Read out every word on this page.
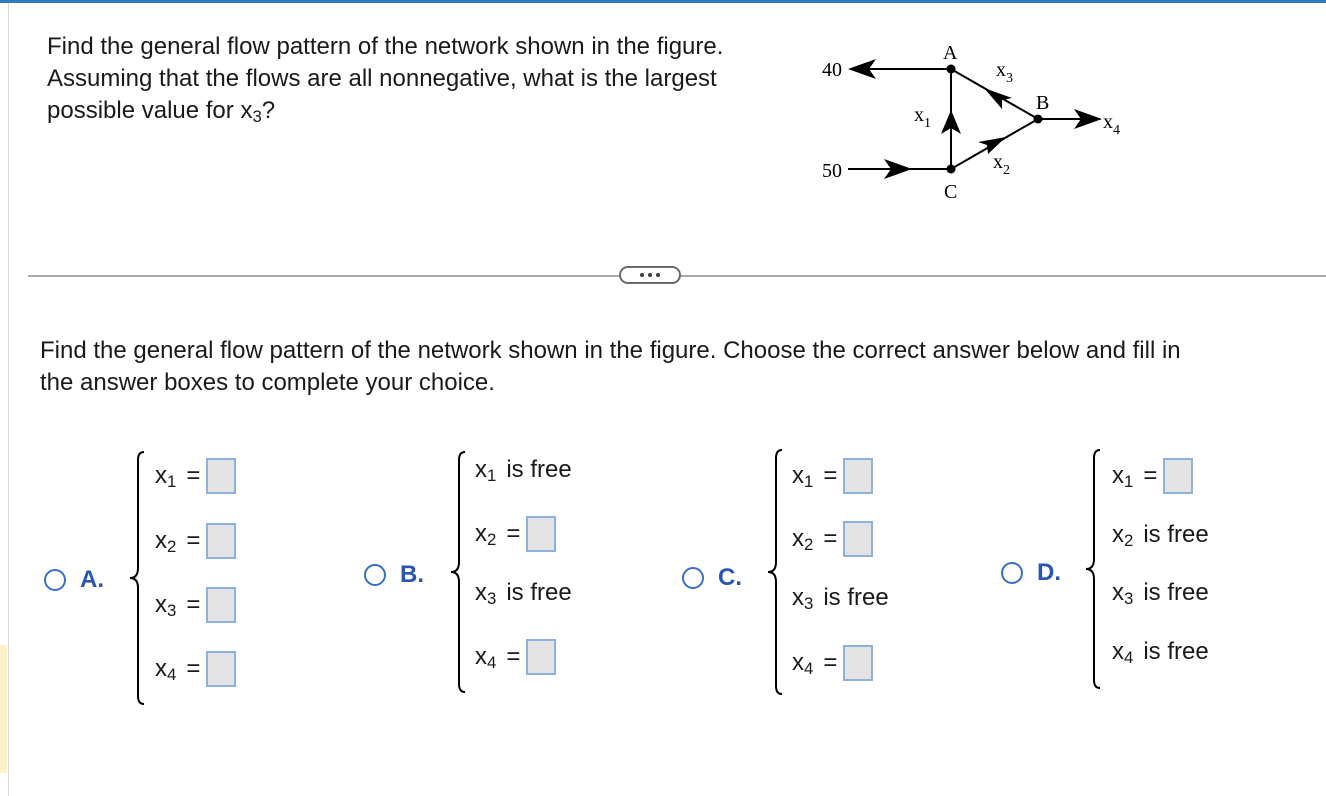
Find the general flow pattern of the network shown in the figure.
Assuming that the flows are all nonnegative, what is the largest
possible value for $x_3$?

A
B
C
40
50
$x_1$
$x_2$
$x_3$
$x_4$

Find the general flow pattern of the network shown in the figure. Choose the correct answer below and fill in
the answer boxes to complete your choice.

A.
$x_1$ =
$x_2$ =
$x_3$ =
$x_4$ =
B.
$x_1$ is free
$x_2$ =
$x_3$ is free
$x_4$ =
C.
$x_1$ =
$x_2$ =
$x_3$ is free
$x_4$ =
D.
$x_1$ =
$x_2$ is free
$x_3$ is free
$x_4$ is free
